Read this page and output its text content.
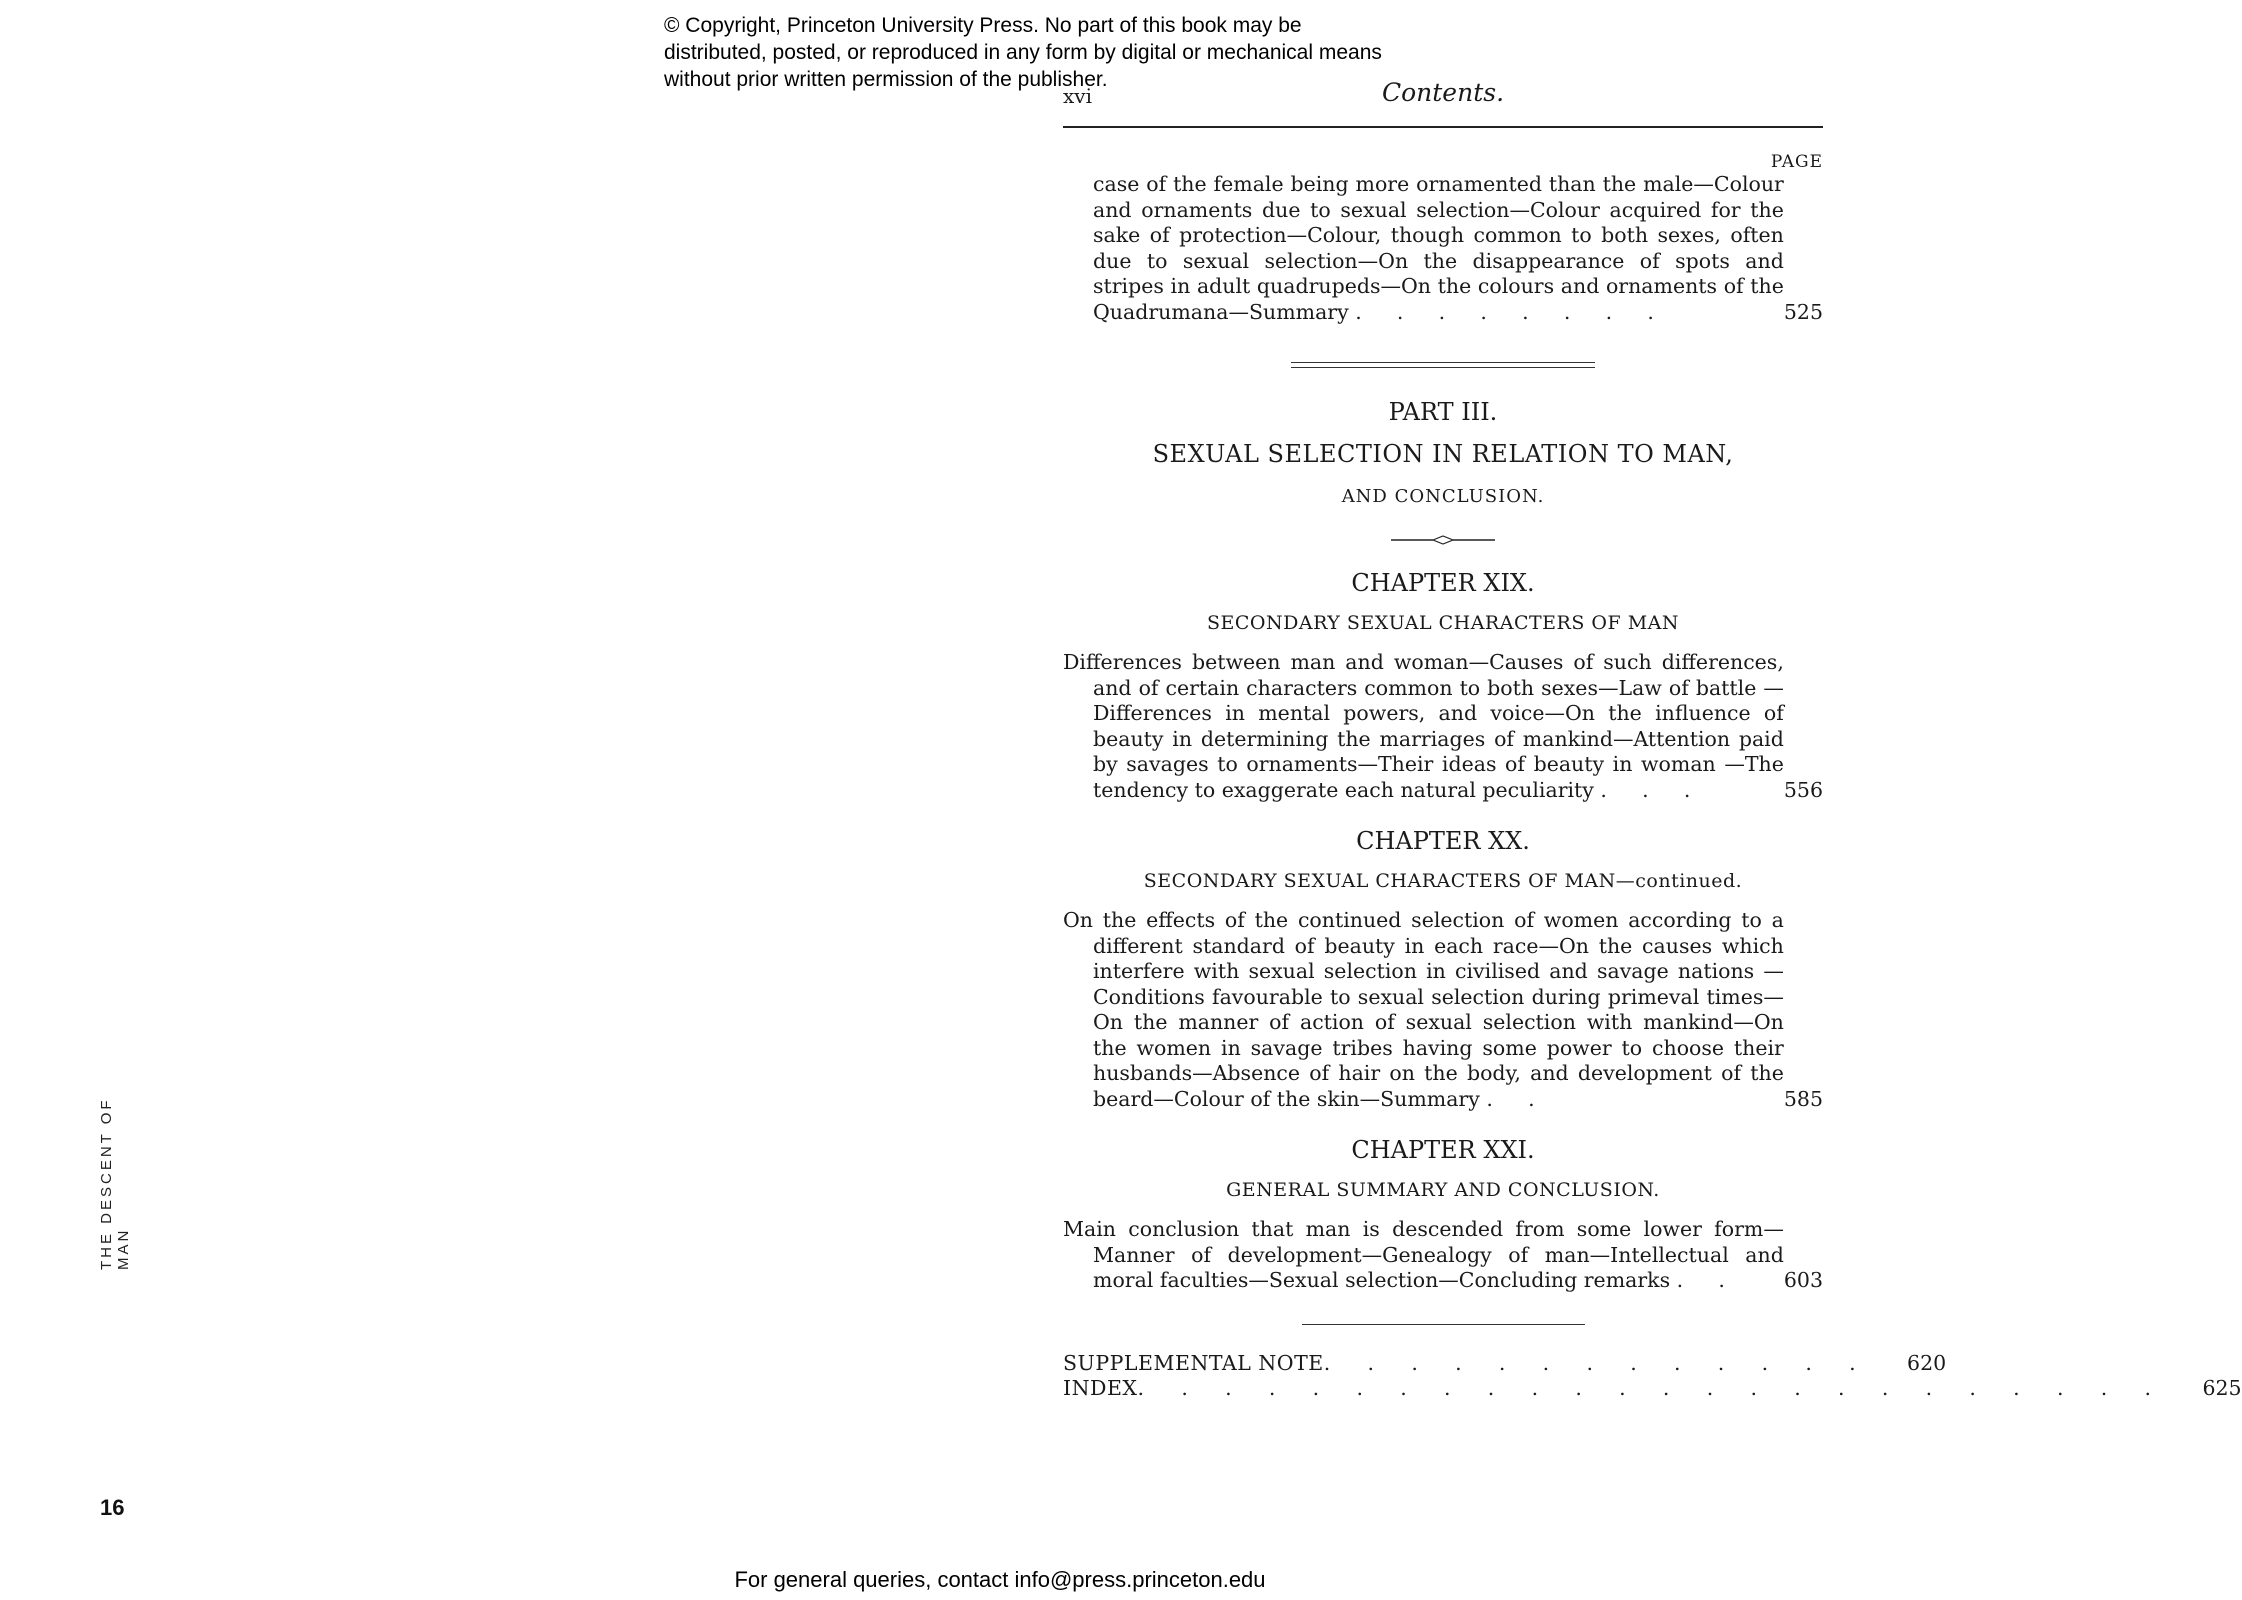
© Copyright, Princeton University Press. No part of this book may be distributed, posted, or reproduced in any form by digital or mechanical means without prior written permission of the publisher.
xvi	Contents.
PAGE
case of the female being more ornamented than the male—Colour and ornaments due to sexual selection—Colour acquired for the sake of protection—Colour, though common to both sexes, often due to sexual selection—On the disappearance of spots and stripes in adult quadrupeds—On the colours and ornaments of the Quadrumana—Summary . . . . . . . .	525
PART III.
SEXUAL SELECTION IN RELATION TO MAN,
AND CONCLUSION.
CHAPTER XIX.
SECONDARY SEXUAL CHARACTERS OF MAN
Differences between man and woman—Causes of such differences, and of certain characters common to both sexes—Law of battle —Differences in mental powers, and voice—On the influence of beauty in determining the marriages of mankind—Attention paid by savages to ornaments—Their ideas of beauty in woman —The tendency to exaggerate each natural peculiarity . . .	556
CHAPTER XX.
SECONDARY SEXUAL CHARACTERS OF MAN—continued.
On the effects of the continued selection of women according to a different standard of beauty in each race—On the causes which interfere with sexual selection in civilised and savage nations —Conditions favourable to sexual selection during primeval times—On the manner of action of sexual selection with mankind—On the women in savage tribes having some power to choose their husbands—Absence of hair on the body, and development of the beard—Colour of the skin—Summary . .	585
CHAPTER XXI.
GENERAL SUMMARY AND CONCLUSION.
Main conclusion that man is descended from some lower form—Manner of development—Genealogy of man—Intellectual and moral faculties—Sexual selection—Concluding remarks . .	603
SUPPLEMENTAL NOTE . . . . . . . . . . . . .	620
INDEX . . . . . . . . . . . . . . . . . . . . . . . .	625
THE DESCENT OF MAN
16
For general queries, contact info@press.princeton.edu
